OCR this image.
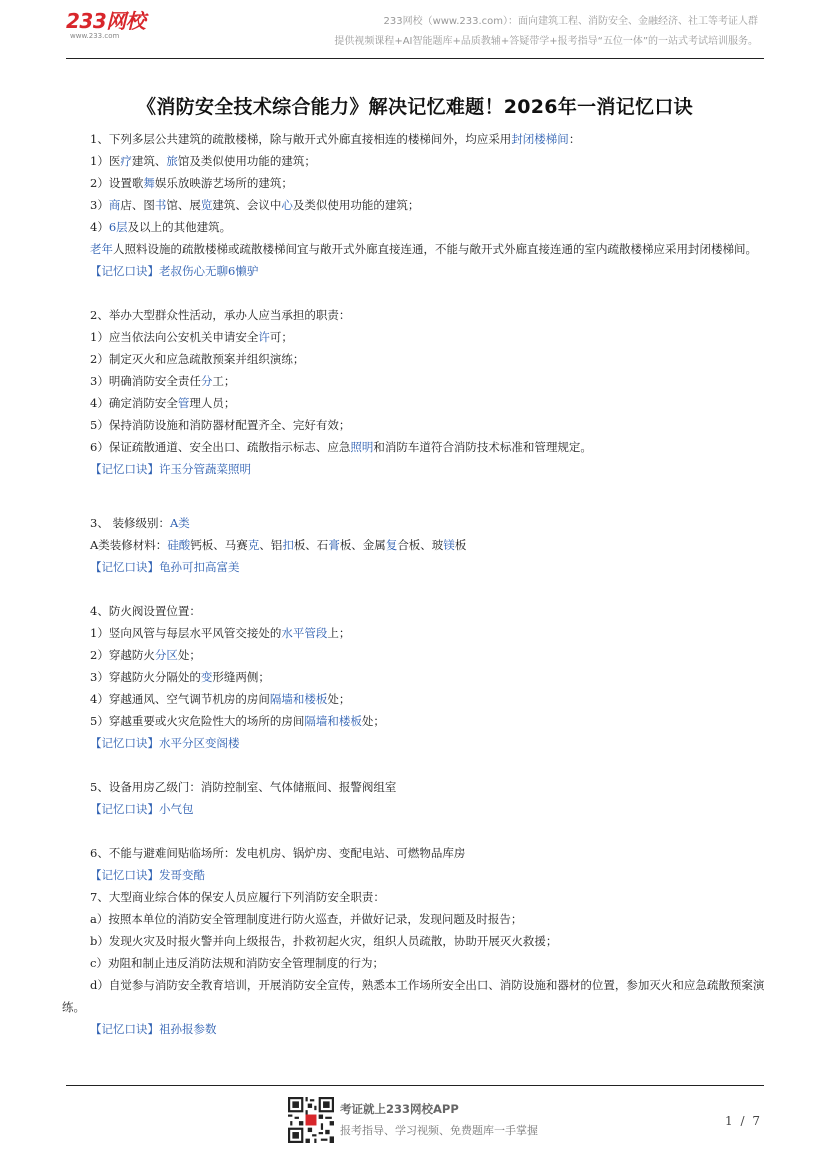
233网校
www.233.com
233网校（www.233.com）：面向建筑工程、消防安全、金融经济、社工等考证人群
提供视频课程+AI智能题库+品质教辅+答疑带学+报考指导“五位一体”的一站式考试培训服务。
《消防安全技术综合能力》解决记忆难题！2026年一消记忆口诀
1、下列多层公共建筑的疏散楼梯，除与敞开式外廊直接相连的楼梯间外，均应采用封闭楼梯间：
1）医疗建筑、旅馆及类似使用功能的建筑；
2）设置歌舞娱乐放映游艺场所的建筑；
3）商店、图书馆、展览建筑、会议中心及类似使用功能的建筑；
4）6层及以上的其他建筑。
老年人照料设施的疏散楼梯或疏散楼梯间宜与敞开式外廊直接连通，不能与敞开式外廊直接连通的室内疏散楼梯应采用封闭楼梯间。
【记忆口诀】老叔伤心无聊6懒驴
2、举办大型群众性活动，承办人应当承担的职责：
1）应当依法向公安机关申请安全许可；
2）制定灭火和应急疏散预案并组织演练；
3）明确消防安全责任分工；
4）确定消防安全管理人员；
5）保持消防设施和消防器材配置齐全、完好有效；
6）保证疏散通道、安全出口、疏散指示标志、应急照明和消防车道符合消防技术标准和管理规定。
【记忆口诀】许玉分管蔬菜照明
3、 装修级别：A类
A类装修材料：硅酸钙板、马赛克、铝扣板、石膏板、金属复合板、玻镁板
【记忆口诀】龟孙可扣高富美
4、防火阀设置位置：
1）竖向风管与每层水平风管交接处的水平管段上；
2）穿越防火分区处；
3）穿越防火分隔处的变形缝两侧；
4）穿越通风、空气调节机房的房间隔墙和楼板处；
5）穿越重要或火灾危险性大的场所的房间隔墙和楼板处；
【记忆口诀】水平分区变阁楼
5、设备用房乙级门：消防控制室、气体储瓶间、报警阀组室
【记忆口诀】小气包
6、不能与避难间贴临场所：发电机房、锅炉房、变配电站、可燃物品库房
【记忆口诀】发哥变酷
7、大型商业综合体的保安人员应履行下列消防安全职责：
a）按照本单位的消防安全管理制度进行防火巡查，并做好记录，发现问题及时报告；
b）发现火灾及时报火警并向上级报告，扑救初起火灾，组织人员疏散，协助开展灭火救援；
c）劝阻和制止违反消防法规和消防安全管理制度的行为；
d）自觉参与消防安全教育培训，开展消防安全宣传，熟悉本工作场所安全出口、消防设施和器材的位置，参加灭火和应急疏散预案演练。
【记忆口诀】祖孙报参数
考证就上233网校APP
报考指导、学习视频、免费题库一手掌握
1 / 7
